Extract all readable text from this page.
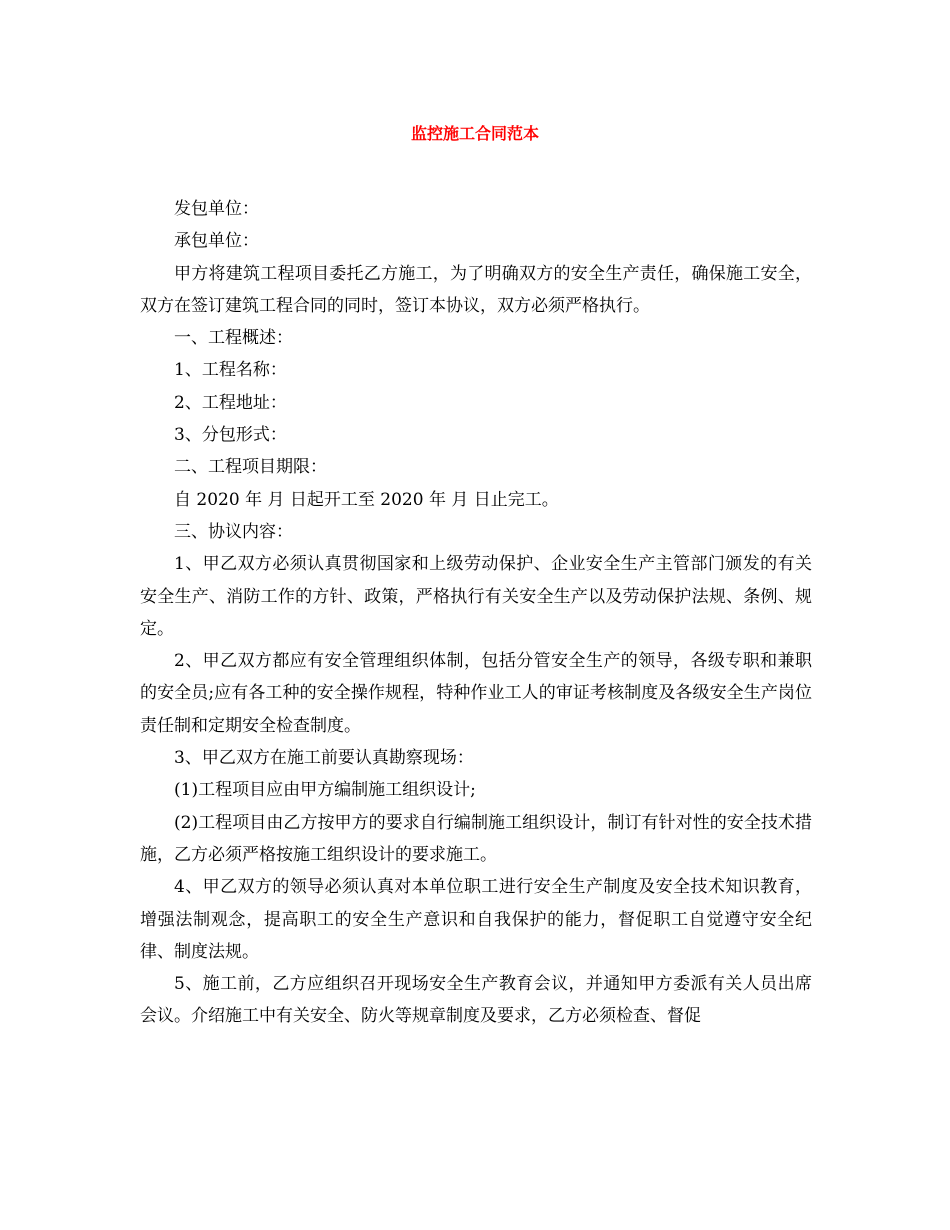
监控施工合同范本

发包单位：

承包单位：

甲方将建筑工程项目委托乙方施工，为了明确双方的安全生产责任，确保施工安全，双方在签订建筑工程合同的同时，签订本协议，双方必须严格执行。

一、工程概述：

1、工程名称：

2、工程地址：

3、分包形式：

二、工程项目期限：

自 2020 年 月 日起开工至 2020 年 月 日止完工。

三、协议内容：

1、甲乙双方必须认真贯彻国家和上级劳动保护、企业安全生产主管部门颁发的有关安全生产、消防工作的方针、政策，严格执行有关安全生产以及劳动保护法规、条例、规定。

2、甲乙双方都应有安全管理组织体制，包括分管安全生产的领导，各级专职和兼职的安全员;应有各工种的安全操作规程，特种作业工人的审证考核制度及各级安全生产岗位责任制和定期安全检查制度。

3、甲乙双方在施工前要认真勘察现场：

(1)工程项目应由甲方编制施工组织设计;

(2)工程项目由乙方按甲方的要求自行编制施工组织设计，制订有针对性的安全技术措施，乙方必须严格按施工组织设计的要求施工。

4、甲乙双方的领导必须认真对本单位职工进行安全生产制度及安全技术知识教育，增强法制观念，提高职工的安全生产意识和自我保护的能力，督促职工自觉遵守安全纪律、制度法规。

5、施工前，乙方应组织召开现场安全生产教育会议，并通知甲方委派有关人员出席会议。介绍施工中有关安全、防火等规章制度及要求，乙方必须检查、督促
